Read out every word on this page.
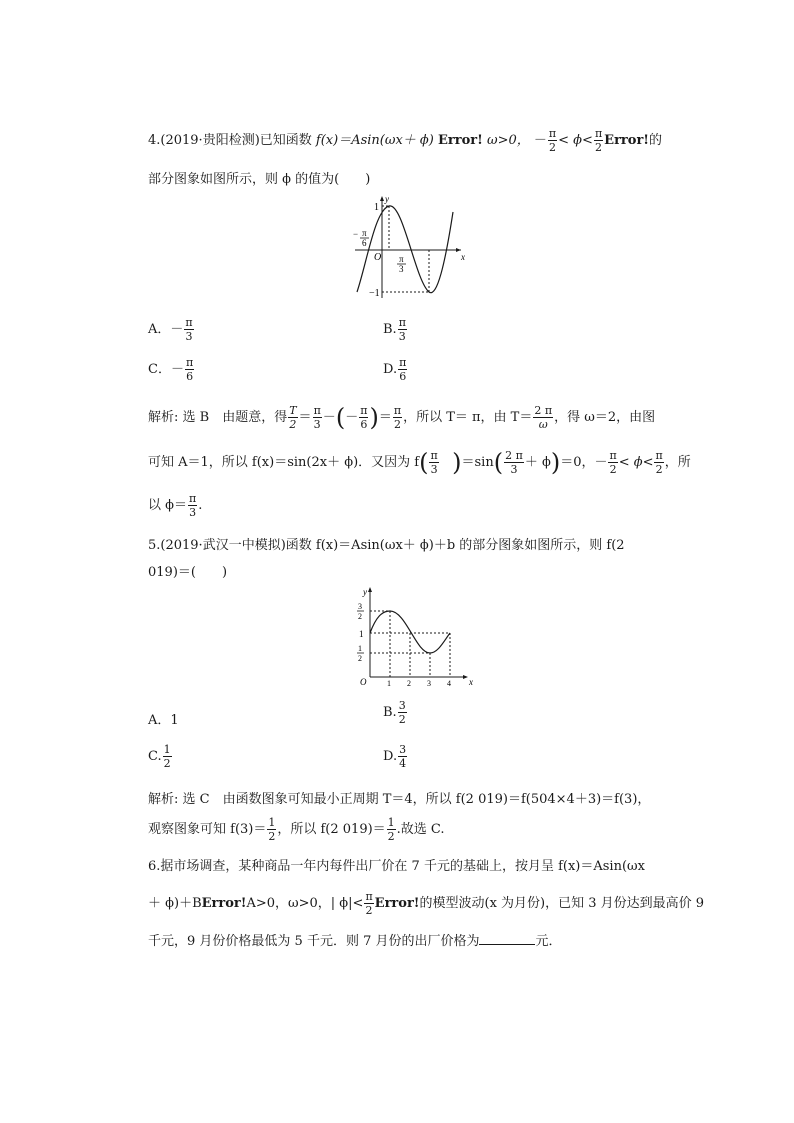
4.(2019·贵阳检测)已知函数 f(x)＝Asin(ωx＋ ϕ) Error! ω>0， － $\frac{\pi}{2} < \phi< \frac{\pi}{2}$ Error!的
部分图象如图所示，则 ϕ 的值为(　　)
y
x
1
−1
O
− π
6
π
3
A．－ $\frac{\pi}{3}$	B. $\frac{\pi}{3}$
C．－ $\frac{\pi}{6}$	D. $\frac{\pi}{6}$
解析: 选 B　由题意，得 $\frac{T}{2} = \frac{\pi}{3}$ －(－ $\frac{\pi}{6}$ )＝ $\frac{\pi}{2}$ ，所以 T＝ π，由 $T= \frac{2 \pi}{\omega}$ ，得 ω＝2，由图
可知 A＝1，所以 f(x)＝sin(2x＋ ϕ)．又因为 $f( \frac{\pi}{3} )=\sin( \frac{2 \pi}{3} + \phi)=0$，－ $\frac{\pi}{2} < \phi< \frac{\pi}{2}$ ，所
以 $\phi= \frac{\pi}{3}$ .
5.(2019·武汉一中模拟)函数 f(x)＝Asin(ωx＋ ϕ)＋b 的部分图象如图所示，则 f(2
019)＝(　　)
y
x
O
3
2
1
1
2
1 2 3 4
A．1
B. $\frac{3}{2}$
C. $\frac{1}{2}$	D. $\frac{3}{4}$
解析: 选 C　由函数图象可知最小正周期 T＝4，所以 f(2 019)＝f(504×4＋3)＝f(3)，
观察图象可知 $f(3)= \frac{1}{2}$ ，所以 f(2 $019)= \frac{1}{2}$ .故选 C.
6.据市场调查，某种商品一年内每件出厂价在 7 千元的基础上，按月呈 f(x)＝Asin(ωx
＋ ϕ)＋BError!A>0，ω>0，| $\phi|< \frac{\pi}{2}$ Error!的模型波动(x 为月份)，已知 3 月份达到最高价 9
千元，9 月份价格最低为 5 千元．则 7 月份的出厂价格为	元．
